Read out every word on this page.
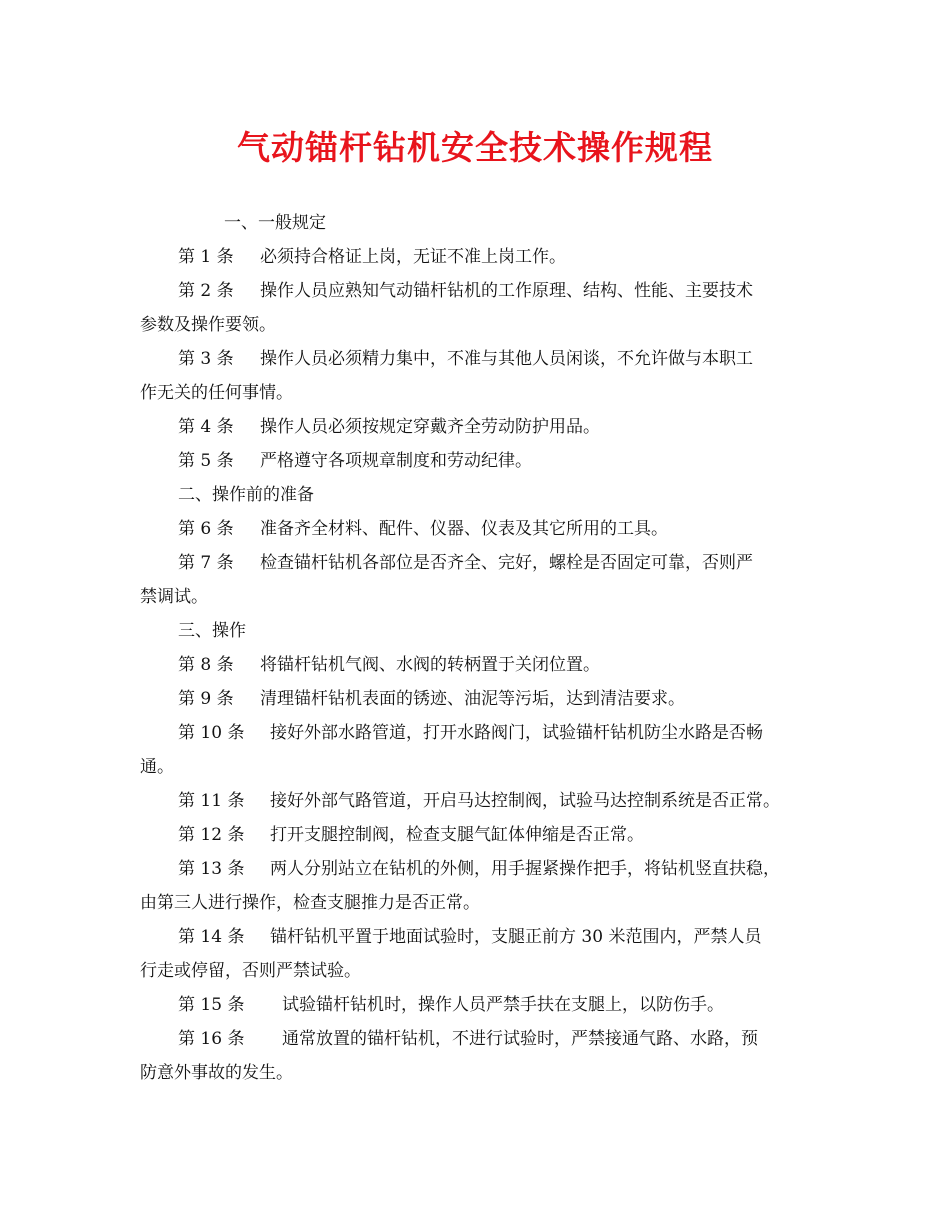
气动锚杆钻机安全技术操作规程
一、一般规定
第 1 条 必须持合格证上岗，无证不准上岗工作。
第 2 条 操作人员应熟知气动锚杆钻机的工作原理、结构、性能、主要技术
参数及操作要领。
第 3 条 操作人员必须精力集中，不准与其他人员闲谈，不允许做与本职工
作无关的任何事情。
第 4 条 操作人员必须按规定穿戴齐全劳动防护用品。
第 5 条 严格遵守各项规章制度和劳动纪律。
二、操作前的准备
第 6 条 准备齐全材料、配件、仪器、仪表及其它所用的工具。
第 7 条 检查锚杆钻机各部位是否齐全、完好，螺栓是否固定可靠，否则严
禁调试。
三、操作
第 8 条 将锚杆钻机气阀、水阀的转柄置于关闭位置。
第 9 条 清理锚杆钻机表面的锈迹、油泥等污垢，达到清洁要求。
第 10 条 接好外部水路管道，打开水路阀门，试验锚杆钻机防尘水路是否畅
通。
第 11 条 接好外部气路管道，开启马达控制阀，试验马达控制系统是否正常。
第 12 条 打开支腿控制阀，检查支腿气缸体伸缩是否正常。
第 13 条 两人分别站立在钻机的外侧，用手握紧操作把手，将钻机竖直扶稳，
由第三人进行操作，检查支腿推力是否正常。
第 14 条 锚杆钻机平置于地面试验时，支腿正前方 30 米范围内，严禁人员
行走或停留，否则严禁试验。
第 15 条 试验锚杆钻机时，操作人员严禁手扶在支腿上，以防伤手。
第 16 条 通常放置的锚杆钻机，不进行试验时，严禁接通气路、水路，预
防意外事故的发生。
